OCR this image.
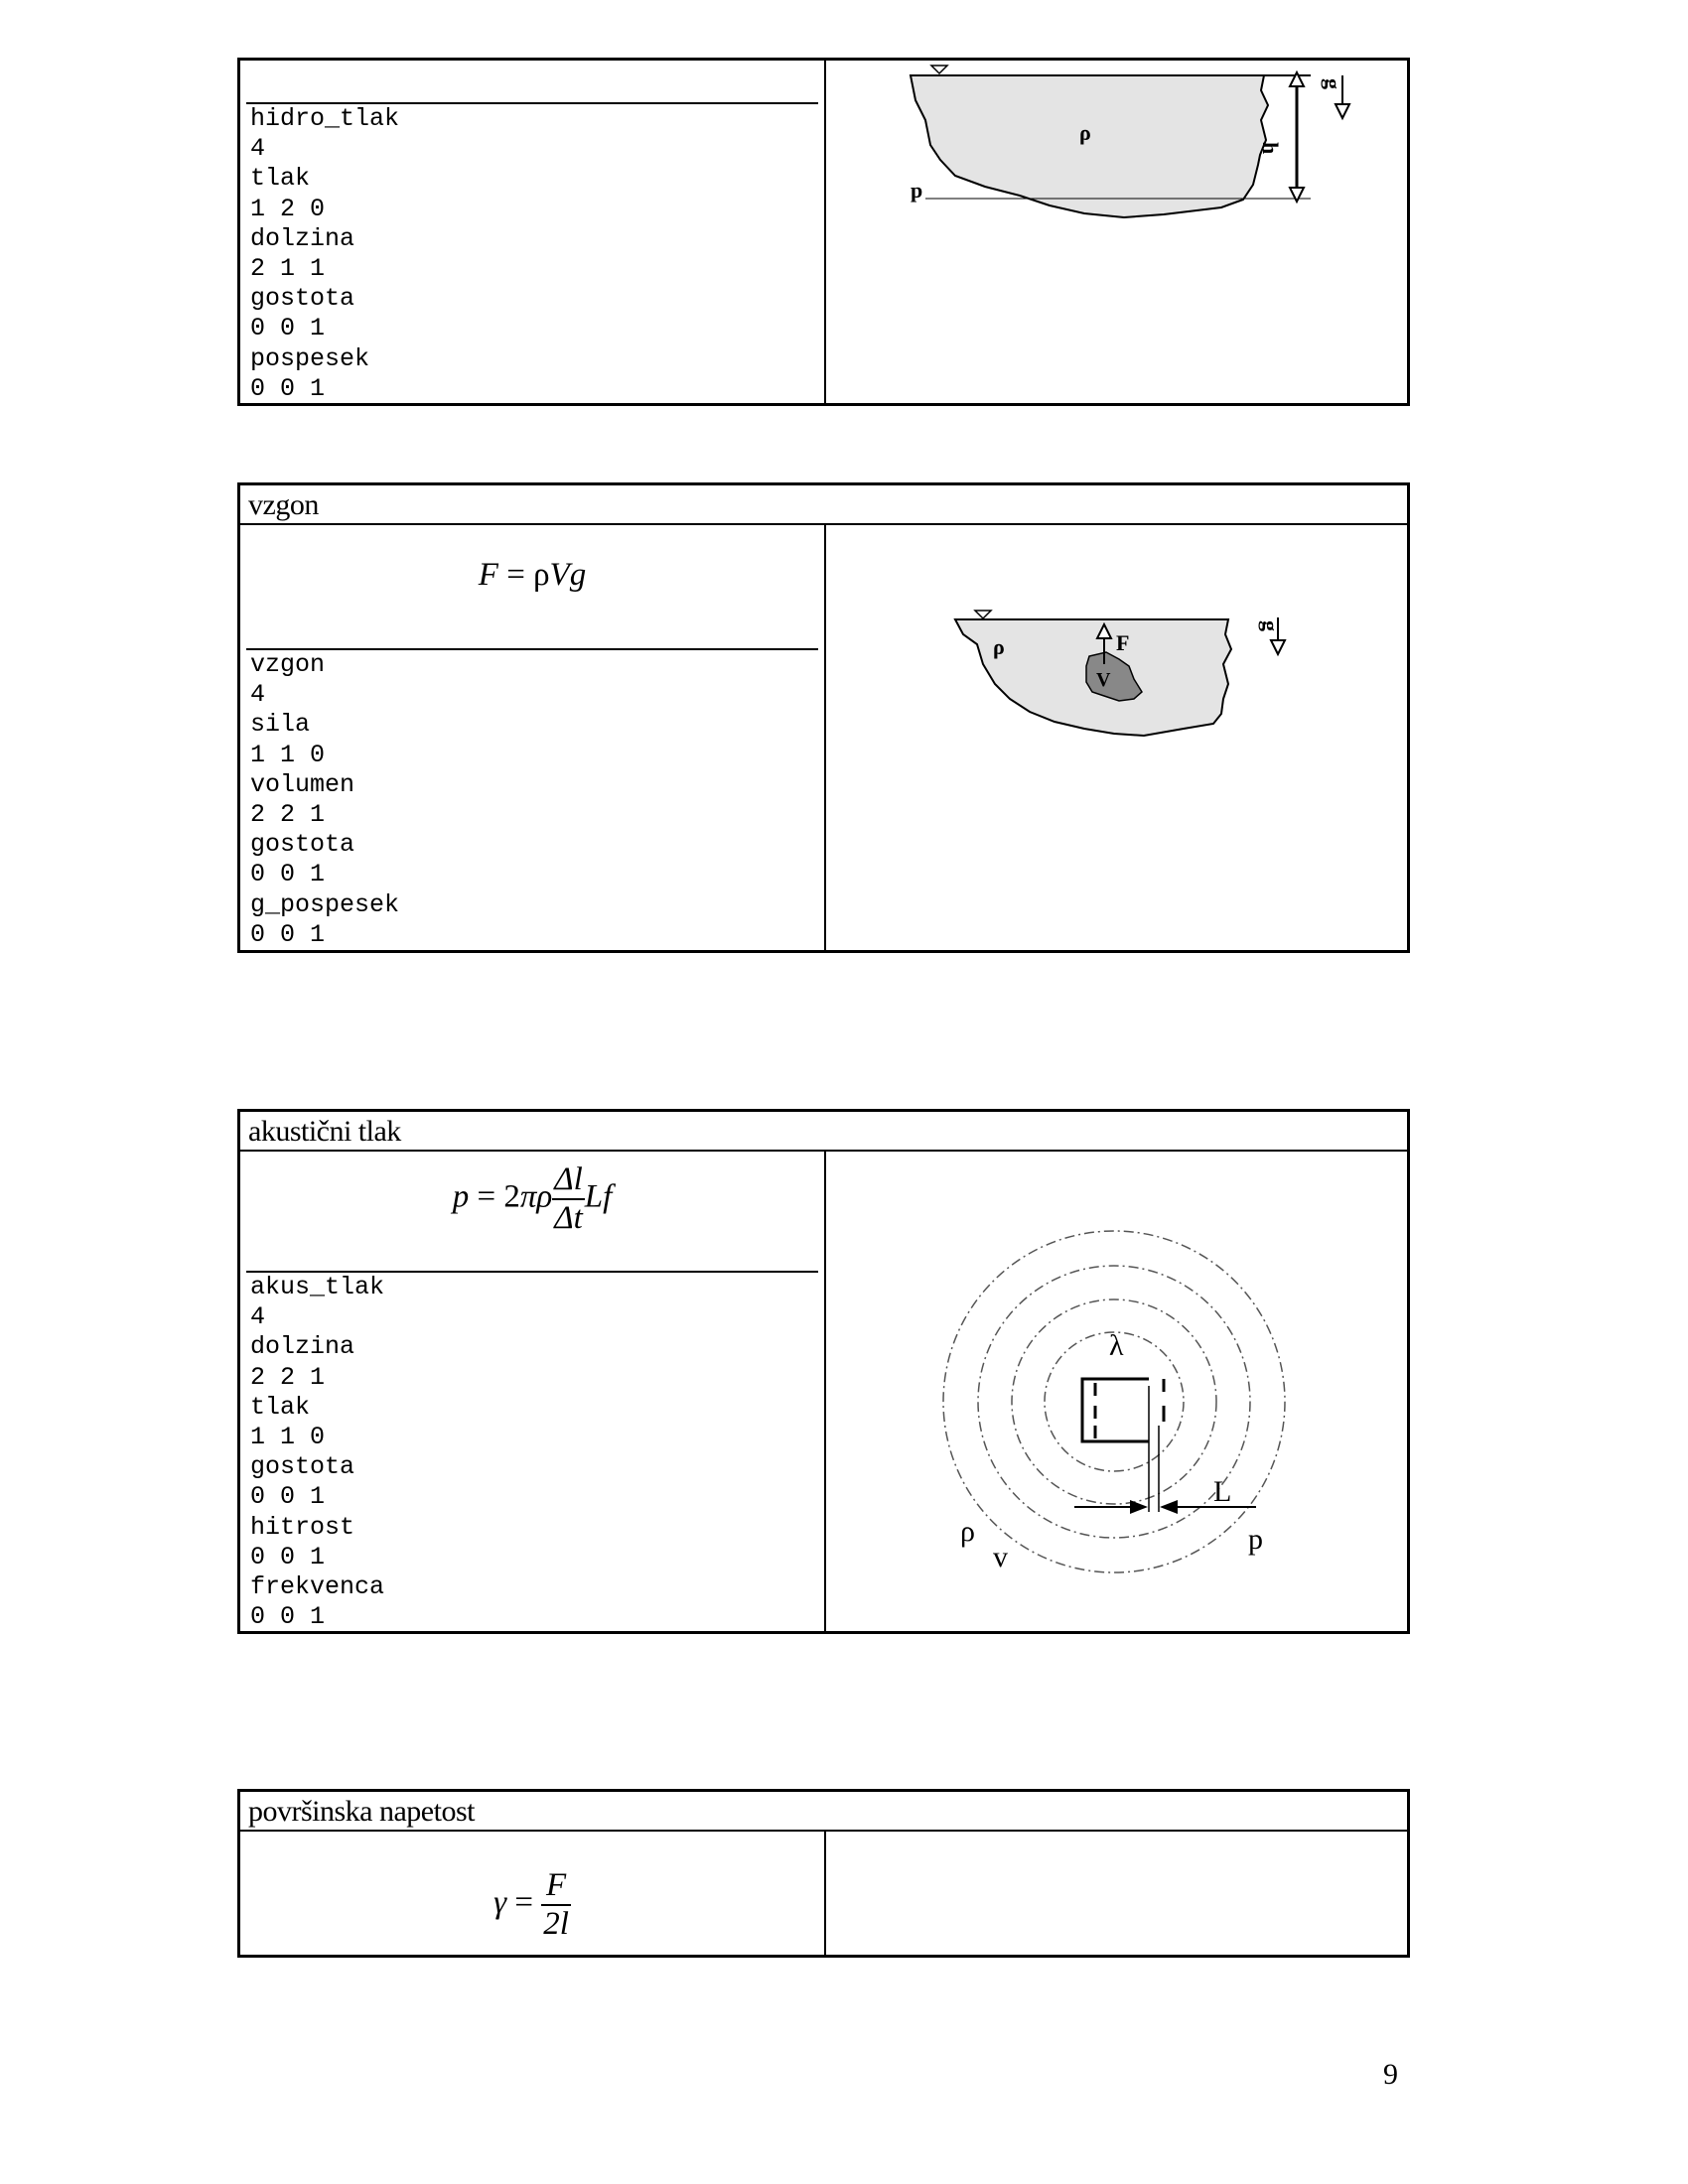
hidro_tlak
4
tlak
1 2 0
dolzina
2 1 1
gostota
0 0 1
pospesek
0 0 1
ρ
p
h
g
vzgon
F = ρVg
vzgon
4
sila
1 1 0
volumen
2 2 1
gostota
0 0 1
g_pospesek
0 0 1
ρ	F
V
g
akustični tlak
$p = 2\pi\rho \frac{\Delta l}{\Delta t}$ Lf
akus_tlak
4
dolzina
2 2 1
tlak
1 1 0
gostota
0 0 1
hitrost
0 0 1
frekvenca
0 0 1
λ
L
ρ
v
p
površinska napetost
$\gamma = \frac{F}{2l}$
9
